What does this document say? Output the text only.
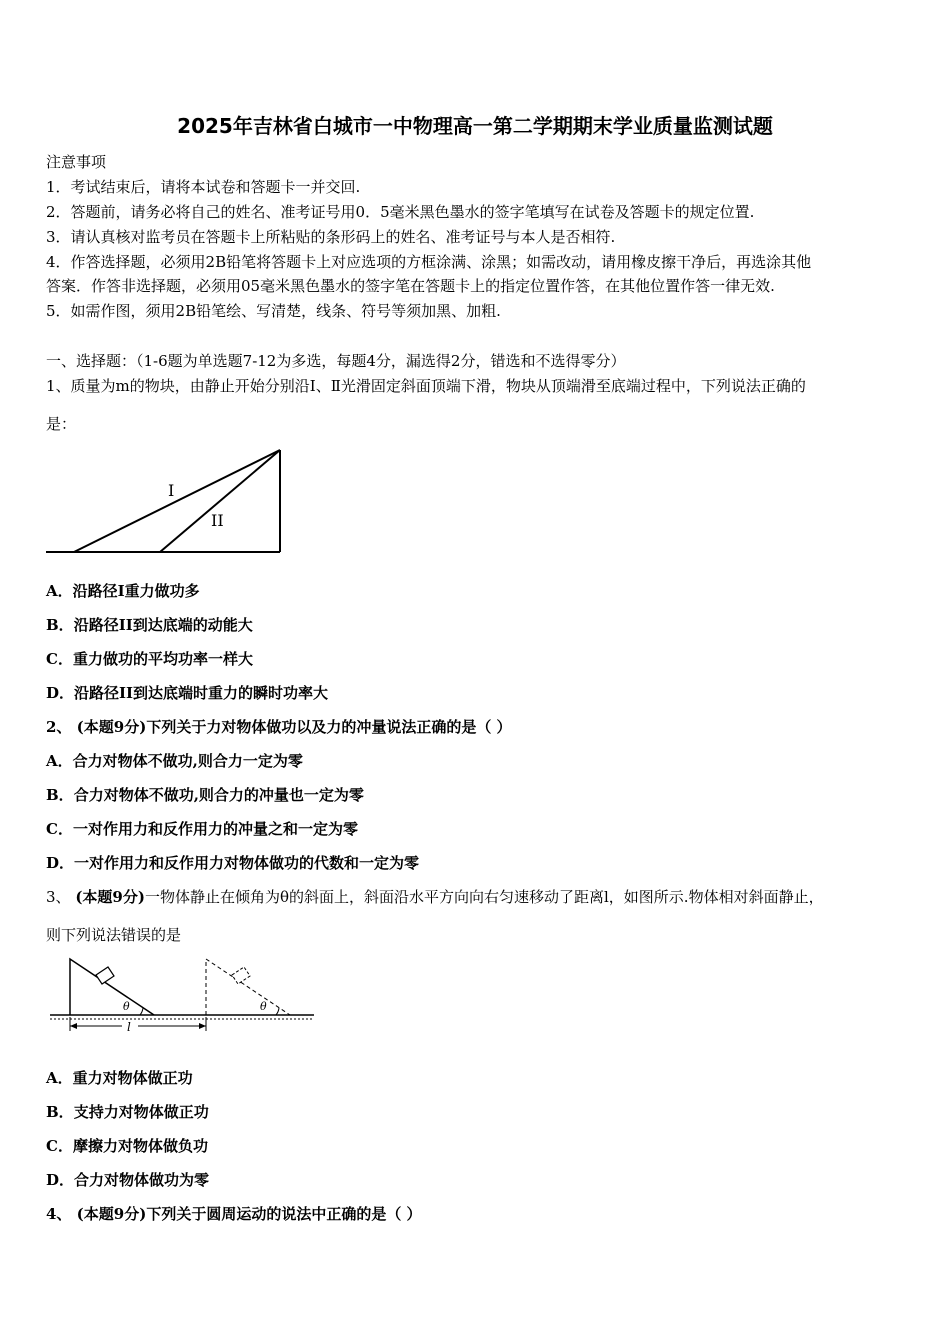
2025年吉林省白城市一中物理高一第二学期期末学业质量监测试题
注意事项
1．考试结束后，请将本试卷和答题卡一并交回.
2．答题前，请务必将自己的姓名、准考证号用0．5毫米黑色墨水的签字笔填写在试卷及答题卡的规定位置.
3．请认真核对监考员在答题卡上所粘贴的条形码上的姓名、准考证号与本人是否相符.
4．作答选择题，必须用2B铅笔将答题卡上对应选项的方框涂满、涂黑；如需改动，请用橡皮擦干净后，再选涂其他
答案．作答非选择题，必须用05毫米黑色墨水的签字笔在答题卡上的指定位置作答，在其他位置作答一律无效.
5．如需作图，须用2B铅笔绘、写清楚，线条、符号等须加黑、加粗.
一、选择题：（1-6题为单选题7-12为多选，每题4分，漏选得2分，错选和不选得零分）
1、质量为m的物块，由静止开始分别沿Ⅰ、Ⅱ光滑固定斜面顶端下滑，物块从顶端滑至底端过程中，下列说法正确的
是：
I
II
A．沿路径Ⅰ重力做功多
B．沿路径II到达底端的动能大
C．重力做功的平均功率一样大
D．沿路径II到达底端时重力的瞬时功率大
2、 (本题9分)下列关于力对物体做功以及力的冲量说法正确的是（ ）
A．合力对物体不做功,则合力一定为零
B．合力对物体不做功,则合力的冲量也一定为零
C．一对作用力和反作用力的冲量之和一定为零
D．一对作用力和反作用力对物体做功的代数和一定为零
3、 (本题9分)一物体静止在倾角为θ的斜面上，斜面沿水平方向向右匀速移动了距离l，如图所示.物体相对斜面静止，
则下列说法错误的是
θ	θ
l
A．重力对物体做正功
B．支持力对物体做正功
C．摩擦力对物体做负功
D．合力对物体做功为零
4、 (本题9分)下列关于圆周运动的说法中正确的是（ ）
